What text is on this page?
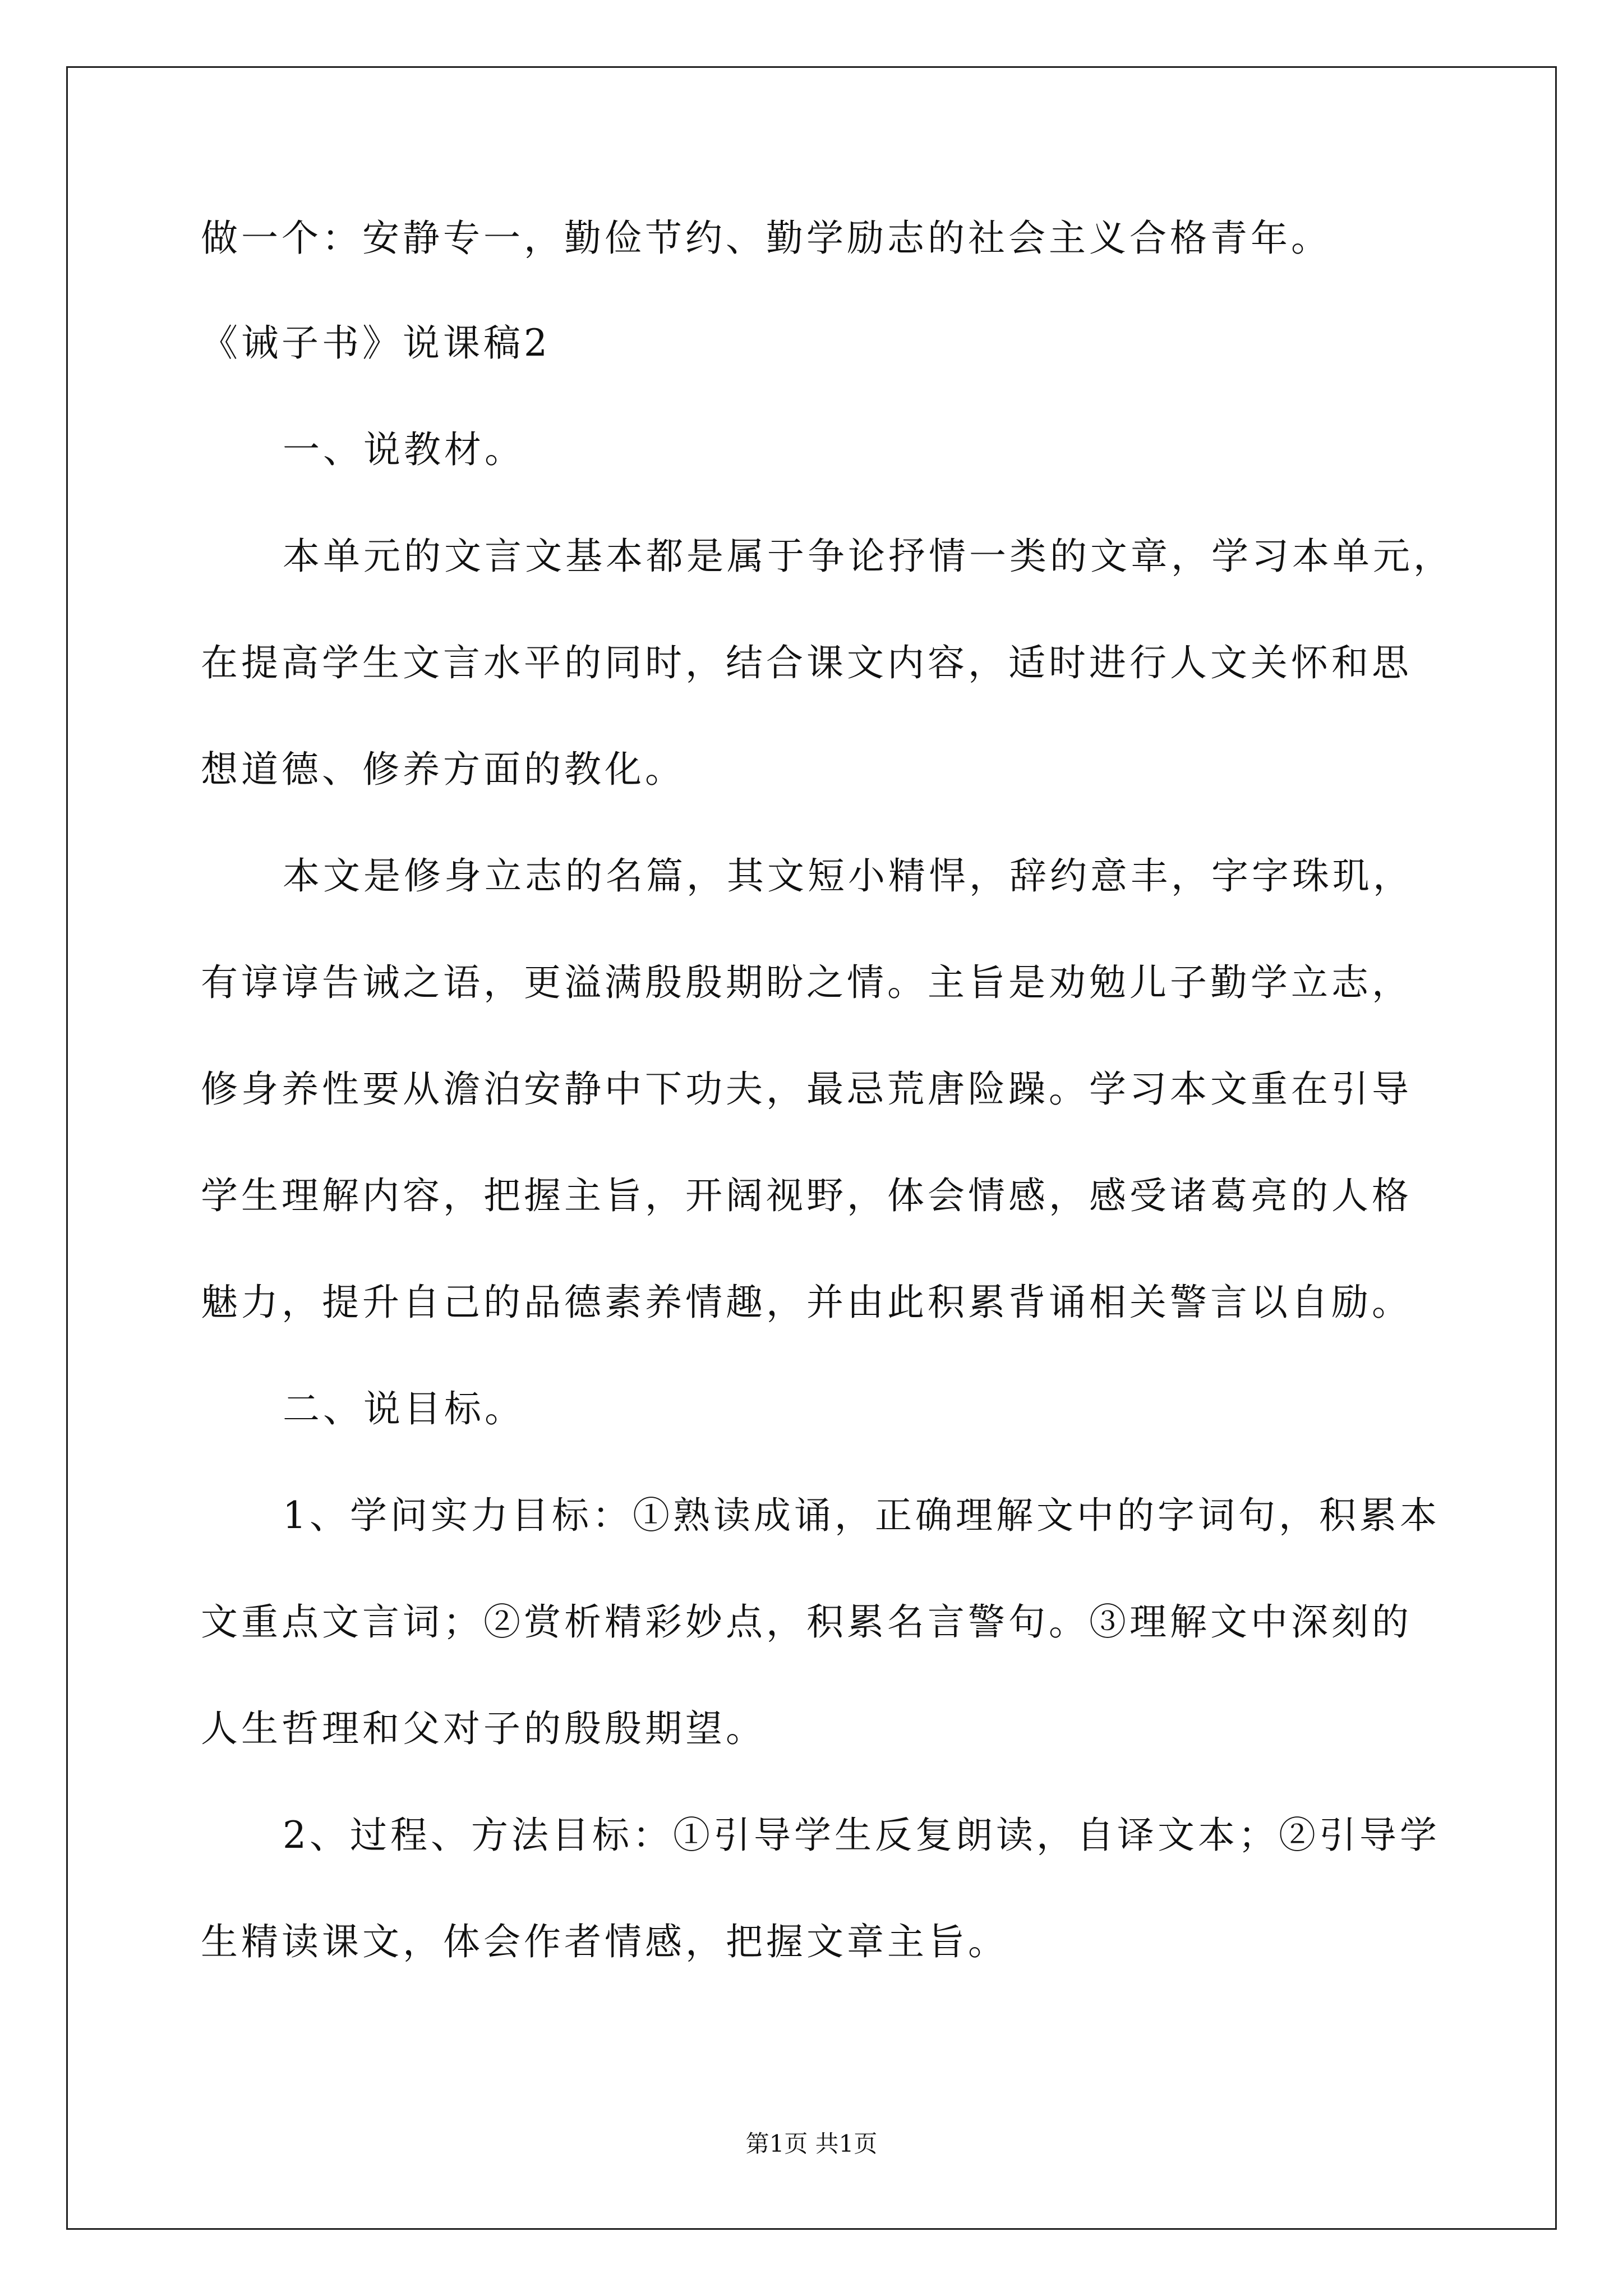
做一个：安静专一，勤俭节约、勤学励志的社会主义合格青年。
《诫子书》说课稿2
一、说教材。
本单元的文言文基本都是属于争论抒情一类的文章，学习本单元，
在提高学生文言水平的同时，结合课文内容，适时进行人文关怀和思
想道德、修养方面的教化。
本文是修身立志的名篇，其文短小精悍，辞约意丰，字字珠玑，
有谆谆告诫之语，更溢满殷殷期盼之情。主旨是劝勉儿子勤学立志，
修身养性要从澹泊安静中下功夫，最忌荒唐险躁。学习本文重在引导
学生理解内容，把握主旨，开阔视野，体会情感，感受诸葛亮的人格
魅力，提升自己的品德素养情趣，并由此积累背诵相关警言以自励。
二、说目标。
1、学问实力目标：①熟读成诵，正确理解文中的字词句，积累本
文重点文言词；②赏析精彩妙点，积累名言警句。③理解文中深刻的
人生哲理和父对子的殷殷期望。
2、过程、方法目标：①引导学生反复朗读，自译文本；②引导学
生精读课文，体会作者情感，把握文章主旨。
第1页 共1页
